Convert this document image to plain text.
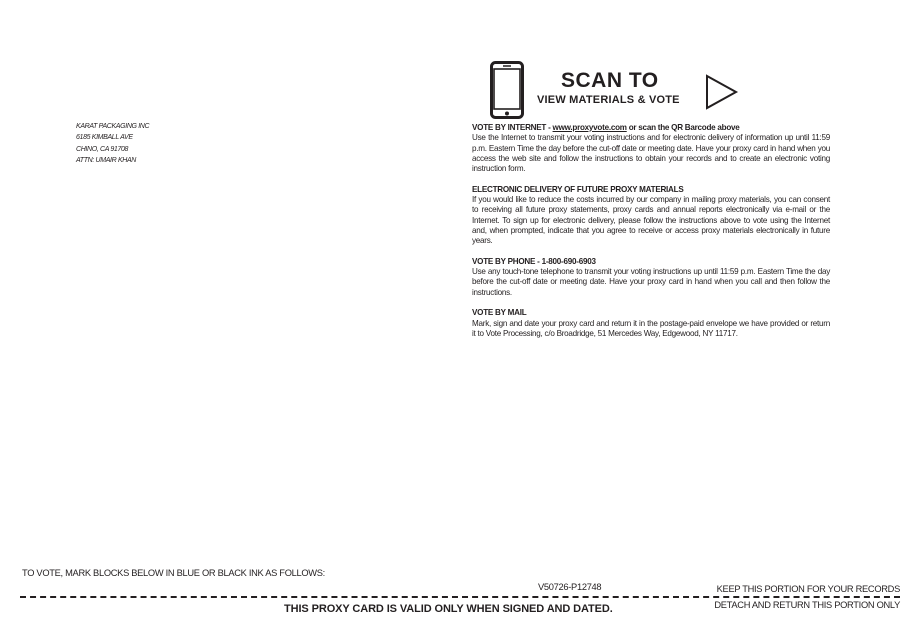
KARAT PACKAGING INC
6185 KIMBALL AVE
CHINO, CA 91708
ATTN: UMAIR KHAN
SCAN TO
VIEW MATERIALS & VOTE
VOTE BY INTERNET - www.proxyvote.com or scan the QR Barcode above

Use the Internet to transmit your voting instructions and for electronic delivery of information up until 11:59 p.m. Eastern Time the day before the cut-off date or meeting date. Have your proxy card in hand when you access the web site and follow the instructions to obtain your records and to create an electronic voting instruction form.

ELECTRONIC DELIVERY OF FUTURE PROXY MATERIALS

If you would like to reduce the costs incurred by our company in mailing proxy materials, you can consent to receiving all future proxy statements, proxy cards and annual reports electronically via e-mail or the Internet. To sign up for electronic delivery, please follow the instructions above to vote using the Internet and, when prompted, indicate that you agree to receive or access proxy materials electronically in future years.

VOTE BY PHONE - 1-800-690-6903

Use any touch-tone telephone to transmit your voting instructions up until 11:59 p.m. Eastern Time the day before the cut-off date or meeting date. Have your proxy card in hand when you call and then follow the instructions.

VOTE BY MAIL

Mark, sign and date your proxy card and return it in the postage-paid envelope we have provided or return it to Vote Processing, c/o Broadridge, 51 Mercedes Way, Edgewood, NY 11717.

TO VOTE, MARK BLOCKS BELOW IN BLUE OR BLACK INK AS FOLLOWS:
V50726-P12748	KEEP THIS PORTION FOR YOUR RECORDS
DETACH AND RETURN THIS PORTION ONLY
THIS PROXY CARD IS VALID ONLY WHEN SIGNED AND DATED.
